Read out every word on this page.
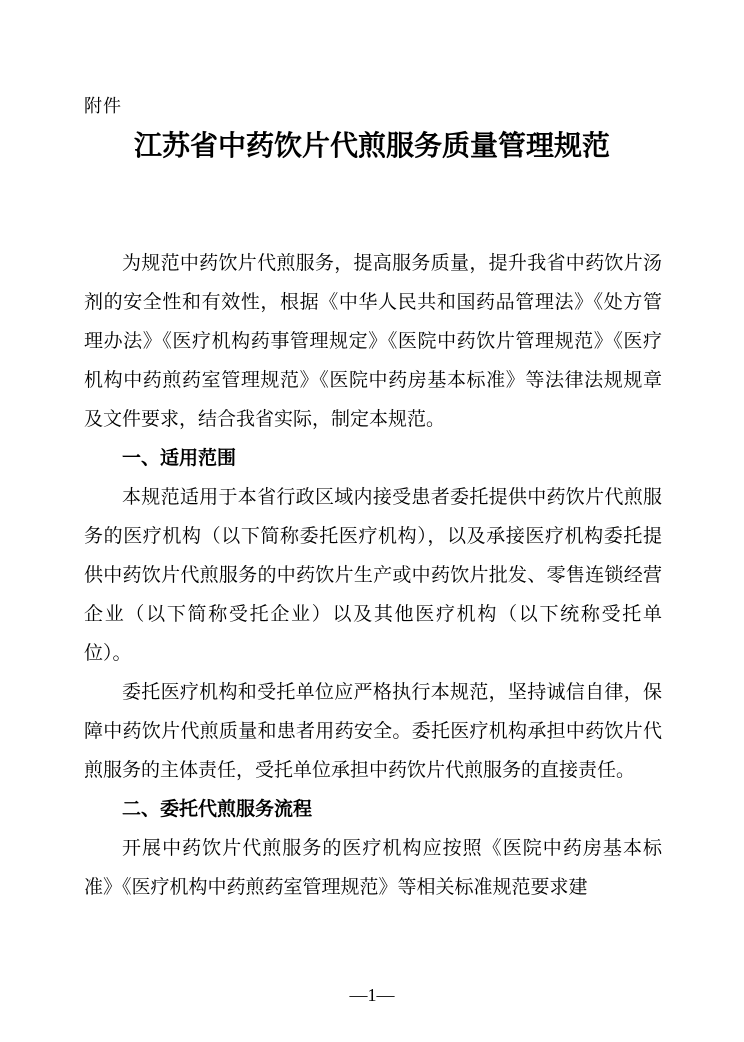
附件
江苏省中药饮片代煎服务质量管理规范

为规范中药饮片代煎服务，提高服务质量，提升我省中药饮片汤剂的安全性和有效性，根据《中华人民共和国药品管理法》《处方管理办法》《医疗机构药事管理规定》《医院中药饮片管理规范》《医疗机构中药煎药室管理规范》《医院中药房基本标准》等法律法规规章及文件要求，结合我省实际，制定本规范。

一、适用范围

本规范适用于本省行政区域内接受患者委托提供中药饮片代煎服务的医疗机构（以下简称委托医疗机构），以及承接医疗机构委托提供中药饮片代煎服务的中药饮片生产或中药饮片批发、零售连锁经营企业（以下简称受托企业）以及其他医疗机构（以下统称受托单位）。

委托医疗机构和受托单位应严格执行本规范，坚持诚信自律，保障中药饮片代煎质量和患者用药安全。委托医疗机构承担中药饮片代煎服务的主体责任，受托单位承担中药饮片代煎服务的直接责任。

二、委托代煎服务流程

开展中药饮片代煎服务的医疗机构应按照《医院中药房基本标准》《医疗机构中药煎药室管理规范》等相关标准规范要求建

—1—
